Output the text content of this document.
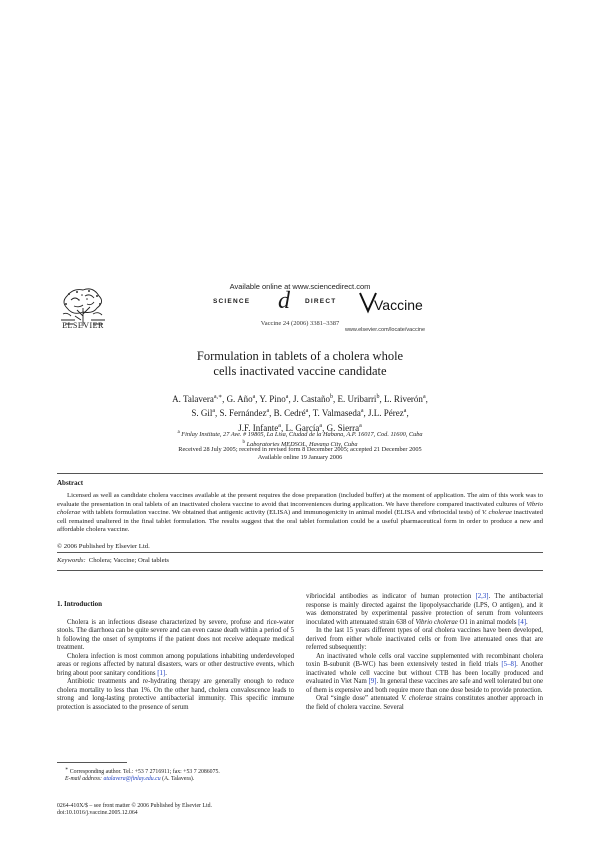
ELSEVIER
Available online at www.sciencedirect.com
SCIENCE d DIRECT
Vaccine 24 (2006) 3381–3387
Vaccine
www.elsevier.com/locate/vaccine
Formulation in tablets of a cholera whole
cells inactivated vaccine candidate
A. Talavera$^{a,∗}$, G. Año$^a$, Y. Pino$^a$, J. Castaño$^b$, E. Uribarri$^b$, L. Riverón$^a$,
S. Gil$^a$, S. Fernández$^a$, B. Cedré$^a$, T. Valmaseda$^a$, J.L. Pérez$^a$,
J.F. Infante$^a$, L. García$^a$, G. Sierra$^a$
$^a$ Finlay Institute, 27 Ave. # 19805, La Lisa, Ciudad de la Habana, A.P. 16017, Cod. 11600, Cuba
$^b$ Laboratories MEDSOL, Havana City, Cuba
Received 28 July 2005; received in revised form 8 December 2005; accepted 21 December 2005
Available online 19 January 2006
Abstract
Licensed as well as candidate cholera vaccines available at the present requires the dose preparation (included buffer) at the moment of application. The aim of this work was to evaluate the presentation in oral tablets of an inactivated cholera vaccine to avoid that inconveniences during application. We have therefore compared inactivated cultures of Vibrio cholerae with tablets formulation vaccine. We obtained that antigenic activity (ELISA) and immunogenicity in animal model (ELISA and vibriocidal tests) of V. cholerae inactivated cell remained unaltered in the final tablet formulation. The results suggest that the oral tablet formulation could be a useful pharmaceutical form in order to produce a new and affordable cholera vaccine.
© 2006 Published by Elsevier Ltd.
Keywords: Cholera; Vaccine; Oral tablets

1. Introduction

Cholera is an infectious disease characterized by severe, profuse and rice-water stools. The diarrhoea can be quite severe and can even cause death within a period of 5 h following the onset of symptoms if the patient does not receive adequate medical treatment.

Cholera infection is most common among populations inhabiting underdeveloped areas or regions affected by natural disasters, wars or other destructive events, which bring about poor sanitary conditions [1].

Antibiotic treatments and re-hydrating therapy are generally enough to reduce cholera mortality to less than 1%. On the other hand, cholera convalescence leads to strong and long-lasting protective antibacterial immunity. This specific immune protection is associated to the presence of serum

∗ Corresponding author. Tel.: +53 7 2716911; fax: +53 7 2086075.

E-mail address: atalavera@finlay.edu.cu (A. Talavera).

0264-410X/$ – see front matter © 2006 Published by Elsevier Ltd.
doi:10.1016/j.vaccine.2005.12.064

vibriocidal antibodies as indicator of human protection [2,3]. The antibacterial response is mainly directed against the lipopolysaccharide (LPS, O antigen), and it was demonstrated by experimental passive protection of serum from volunteers inoculated with attenuated strain 638 of Vibrio cholerae O1 in animal models [4].

In the last 15 years different types of oral cholera vaccines have been developed, derived from either whole inactivated cells or from live attenuated ones that are referred subsequently:

An inactivated whole cells oral vaccine supplemented with recombinant cholera toxin B-subunit (B-WC) has been extensively tested in field trials [5–8]. Another inactivated whole cell vaccine but without CTB has been locally produced and evaluated in Viet Nam [9]. In general these vaccines are safe and well tolerated but one of them is expensive and both require more than one dose beside to provide protection.

Oral “single dose” attenuated V. cholerae strains constitutes another approach in the field of cholera vaccine. Several
